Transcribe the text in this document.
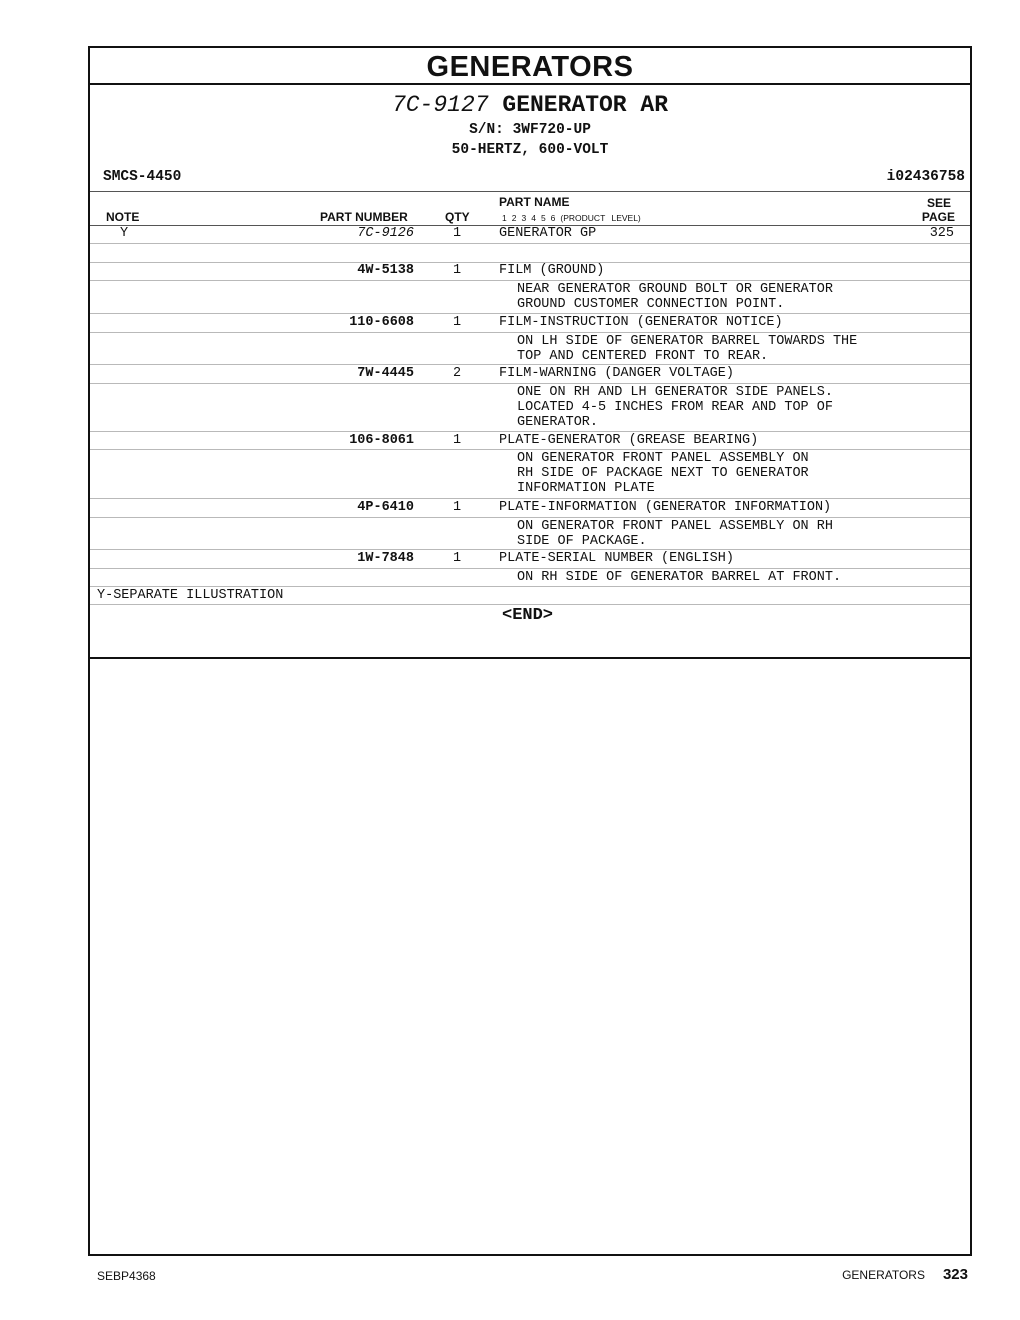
GENERATORS
7C-9127 GENERATOR AR
S/N: 3WF720-UP
50-HERTZ, 600-VOLT
SMCS-4450	i02436758
NOTE	PART NUMBER	QTY
PART NAME
1 2 3 4 5 6 (PRODUCT LEVEL)
SEE
PAGE
Y	7C-9126	1	GENERATOR GP	325
4W-5138	1	FILM (GROUND)
NEAR GENERATOR GROUND BOLT OR GENERATOR
GROUND CUSTOMER CONNECTION POINT.
110-6608	1	FILM-INSTRUCTION (GENERATOR NOTICE)
ON LH SIDE OF GENERATOR BARREL TOWARDS THE
TOP AND CENTERED FRONT TO REAR.
7W-4445	2	FILM-WARNING (DANGER VOLTAGE)
ONE ON RH AND LH GENERATOR SIDE PANELS.
LOCATED 4-5 INCHES FROM REAR AND TOP OF
GENERATOR.
106-8061	1	PLATE-GENERATOR (GREASE BEARING)
ON GENERATOR FRONT PANEL ASSEMBLY ON
RH SIDE OF PACKAGE NEXT TO GENERATOR
INFORMATION PLATE
4P-6410	1	PLATE-INFORMATION (GENERATOR INFORMATION)
ON GENERATOR FRONT PANEL ASSEMBLY ON RH
SIDE OF PACKAGE.
1W-7848	1	PLATE-SERIAL NUMBER (ENGLISH)
ON RH SIDE OF GENERATOR BARREL AT FRONT.
Y-SEPARATE ILLUSTRATION
<END>
SEBP4368	GENERATORS 323
